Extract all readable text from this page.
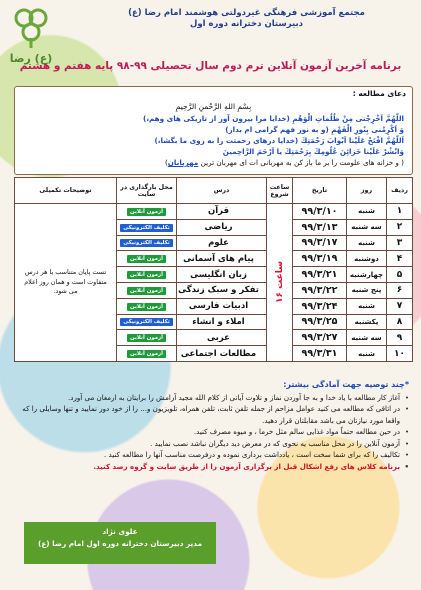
(ع) رضا
مجتمع آموزشی فرهنگی غیردولتی هوشمند امام رضا (ع)
دبیرستان دخترانه دوره اول
برنامه آخرین آزمون آنلاین ترم دوم سال تحصیلی ۹۹-۹۸ پایه هفتم و هشتم
دعای مطالعه :
بِسْمِ اللهِ الرَّحْمنِ الرَّحِيمِ
اللّهُمَّ اَخْرِجْنى مِنْ ظُلُماتِ الْوَهْمِ (خدایا مرا بیرون آور از تاریکی های وهم،)
وَ اَكْرِمْنى بِنُورِ الْفَهْمِ (و به نور فهم گرامی ام بدار)
اَللّهُمَّ افْتَحْ عَلَيْنا اَبْوابَ رَحْمَتِكَ (خدایا درهای رحمتت را به روی ما بگشا،)
وَانْشُرْ عَلَيْنا خَزائِنَ عُلُومِكَ بِرَحْمَتِكَ يا اَرْحَمَ الرَّاحِمينَ
( و خزانه های علومت را بر ما باز کن به مهربانی ات ای مهربان ترین مهربانان)
ردیف	روز	تاریخ	ساعت شروع	درس	محل بارگذاری در سایت	توضیحات تکمیلی
۱	شنبه	۹۹/۳/۱۰	ساعت ۱۶	قرآن	آزمون آنلاین	تست پایان متناسب با هر درس متفاوت است و همان روز اعلام می شود.
۲	سه شنبه	۹۹/۳/۱۳		ریاضی	تکلیف الکترونیکی	
۳	شنبه	۹۹/۳/۱۷		علوم	تکلیف الکترونیکی	
۴	دوشنبه	۹۹/۳/۱۹		پیام های آسمانی	آزمون آنلاین	
۵	چهارشنبه	۹۹/۳/۲۱		زبان انگلیسی	آزمون آنلاین	
۶	پنج شنبه	۹۹/۳/۲۲		تفکر و سبک زندگی	آزمون آنلاین	
۷	شنبه	۹۹/۳/۲۴		ادبیات فارسی	آزمون آنلاین	
۸	یکشنبه	۹۹/۳/۲۵		املاء و انشاء	تکلیف الکترونیکی	
۹	سه شنبه	۹۹/۳/۲۷		عربی	آزمون آنلاین	
۱۰	شنبه	۹۹/۳/۳۱		مطالعات اجتماعی	آزمون آنلاین	
*چند توصیه جهت آمادگی بیشتر:
• آغاز کار مطالعه با یاد خدا و به جا آوردن نماز و تلاوت آیاتی از کلام الله مجید آرامش را برایتان به ارمغان می آورد.
• در اتاقی که مطالعه می کنید عوامل مزاحم از جمله تلفن ثابت، تلفن همراه، تلویزیون و... را از خود دور نمایید و تنها وسایلی را که واقعا مورد نیازتان می باشد مقابلتان قرار دهید.
• در حین مطالعه حتماً مواد غذایی سالم مثل خرما ، و میوه مصرف کنید.
• آزمون آنلاین را در محل مناسب یه نحوی که در معرض دید دیگران نباشد نصب نمایید .
• تکالیف را که برای شما سخت است ، یادداشت برداری نموده و درفرصت مناسب آنها را مطالعه کنید .
• برنامه کلاس های رفع اشکال قبل از برگزاری آزمون را از طریق سایت و گروه رصد کنید.
علوی نژاد
مدیر دبیرستان دخترانه دوره اول امام رضا (ع)
